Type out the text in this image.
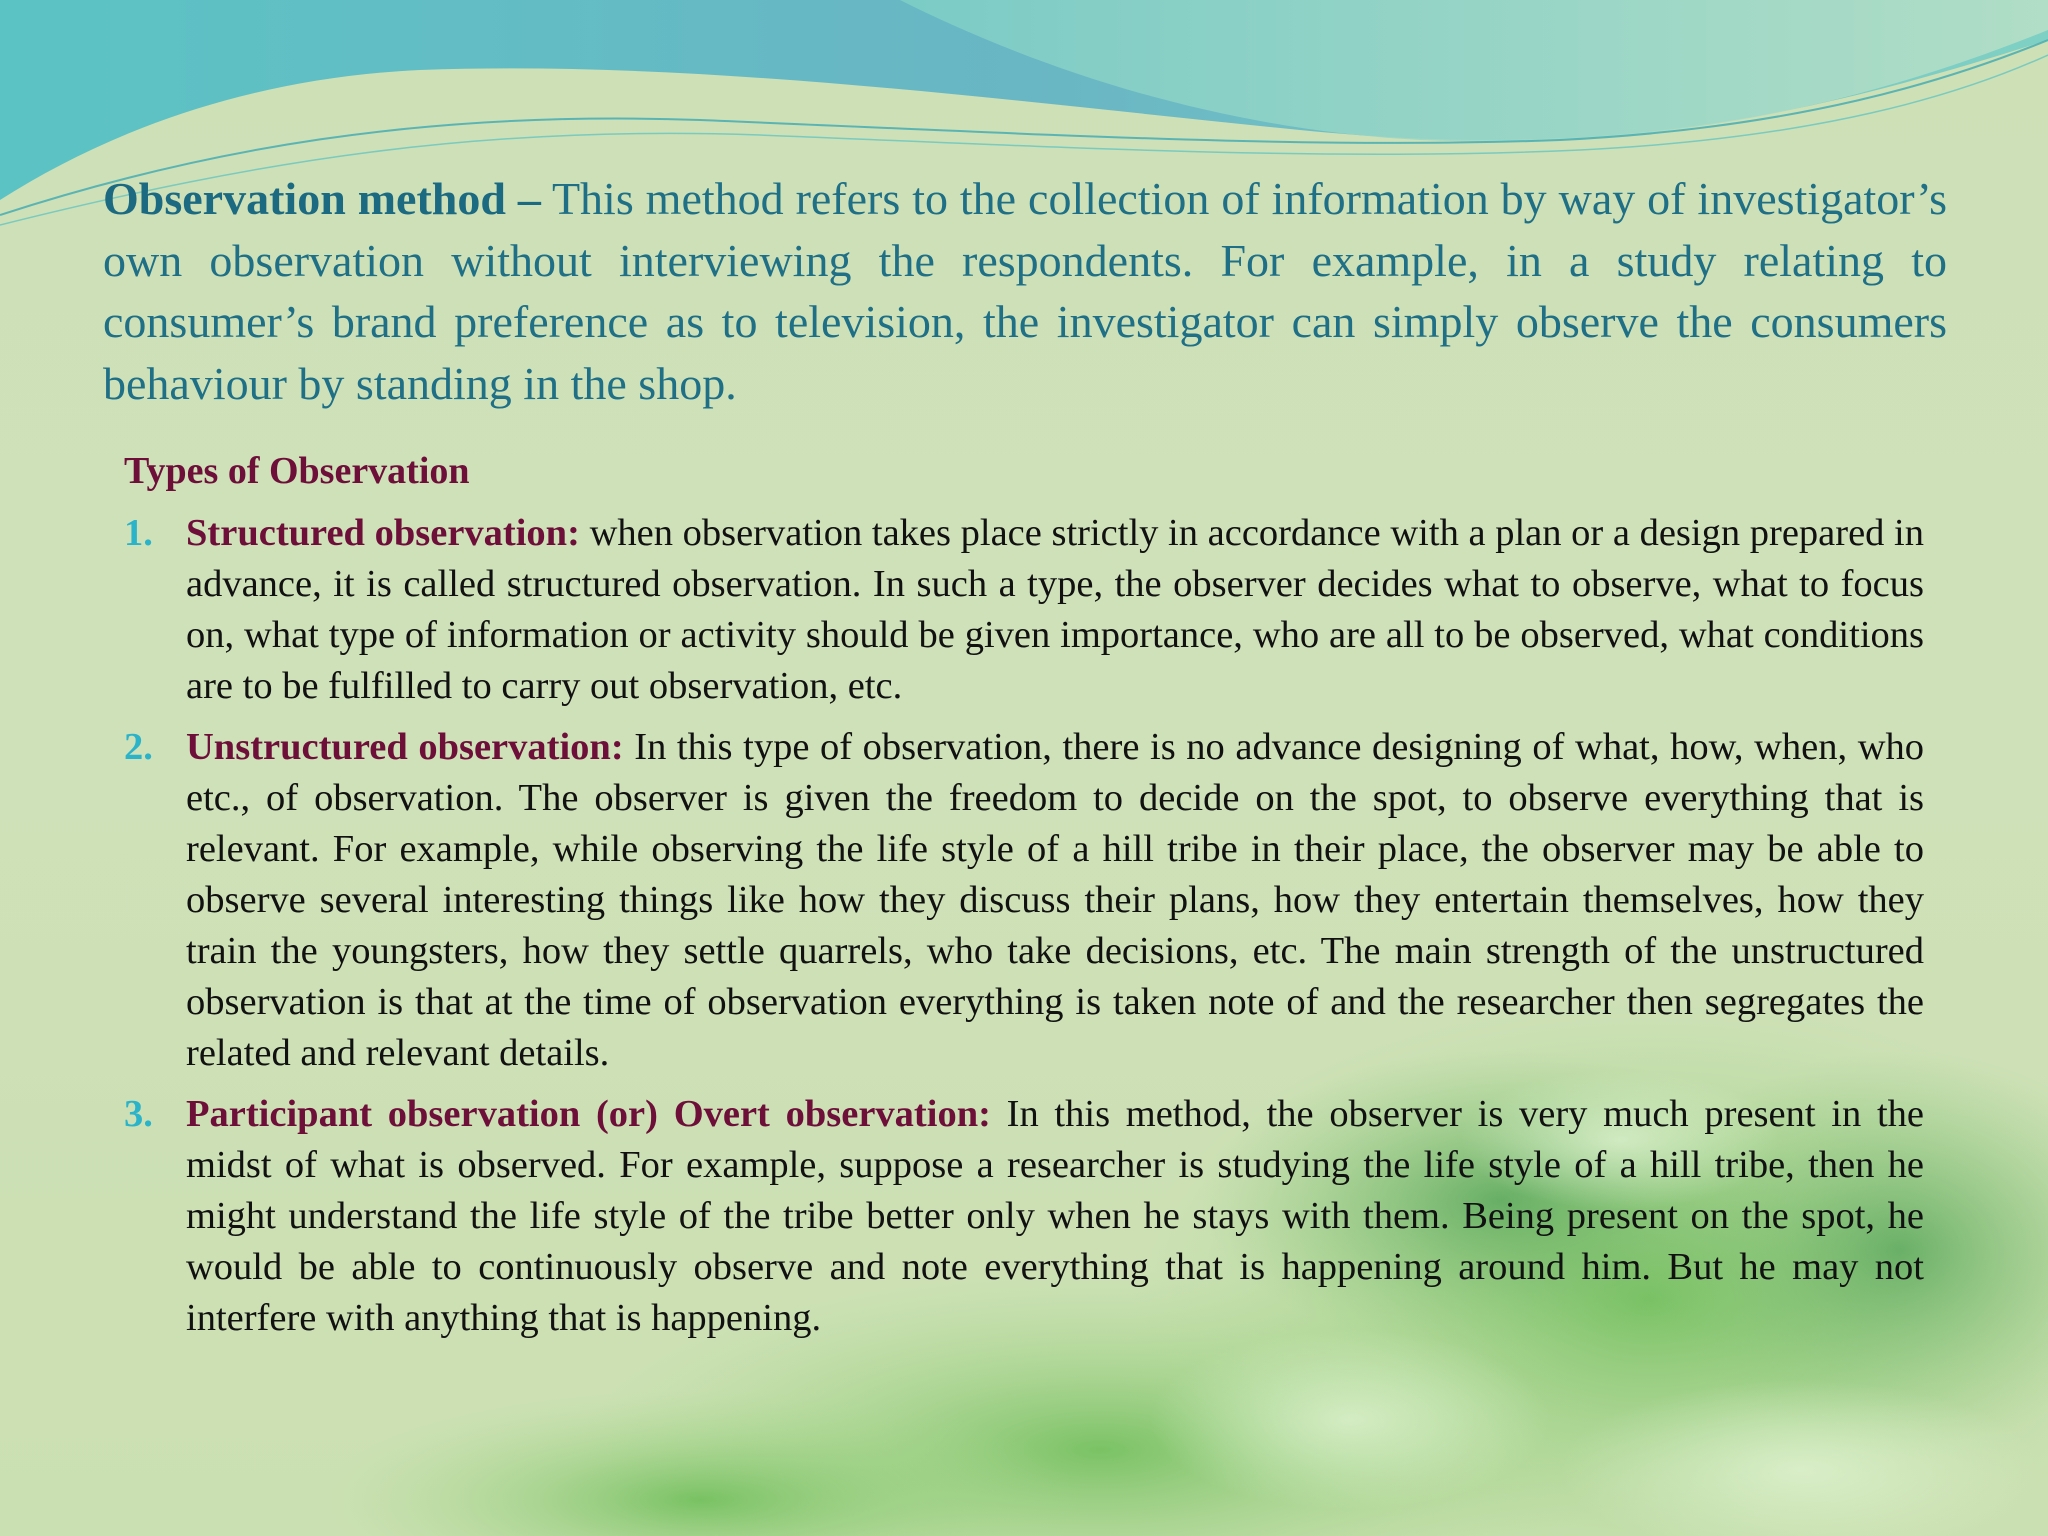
Observation method – This method refers to the collection of information by way of investigator’s own observation without interviewing the respondents. For example, in a study relating to consumer’s brand preference as to television, the investigator can simply observe the consumers behaviour by standing in the shop.

Types of Observation
1. Structured observation: when observation takes place strictly in accordance with a plan or a design prepared in advance, it is called structured observation. In such a type, the observer decides what to observe, what to focus on, what type of information or activity should be given importance, who are all to be observed, what conditions are to be fulfilled to carry out observation, etc.
2. Unstructured observation: In this type of observation, there is no advance designing of what, how, when, who etc., of observation. The observer is given the freedom to decide on the spot, to observe everything that is relevant. For example, while observing the life style of a hill tribe in their place, the observer may be able to observe several interesting things like how they discuss their plans, how they entertain themselves, how they train the youngsters, how they settle quarrels, who take decisions, etc. The main strength of the unstructured observation is that at the time of observation everything is taken note of and the researcher then segregates the related and relevant details.
3. Participant observation (or) Overt observation: In this method, the observer is very much present in the midst of what is observed. For example, suppose a researcher is studying the life style of a hill tribe, then he might understand the life style of the tribe better only when he stays with them. Being present on the spot, he would be able to continuously observe and note everything that is happening around him. But he may not interfere with anything that is happening.
